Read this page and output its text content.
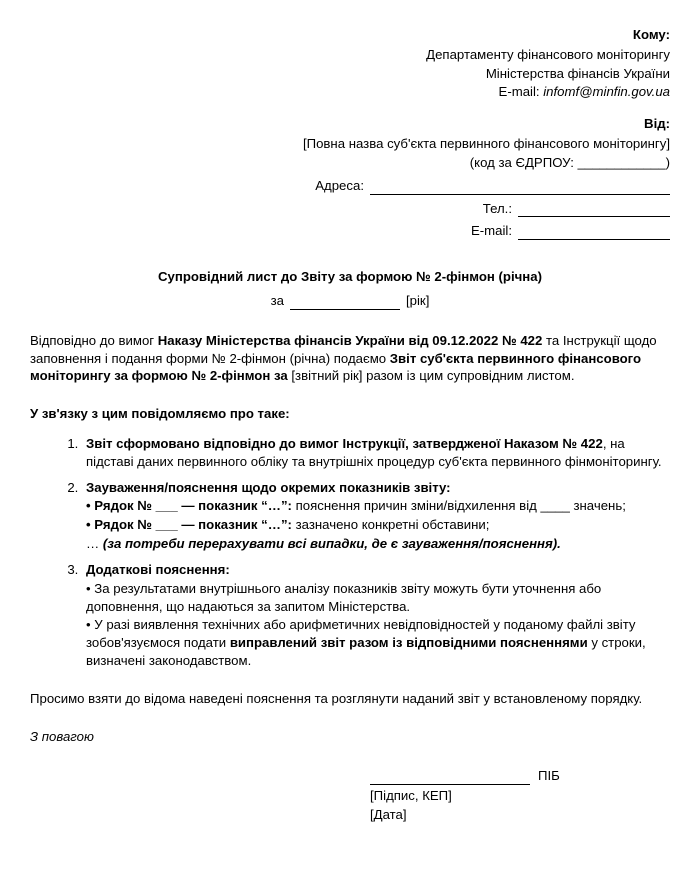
Кому:
Департаменту фінансового моніторингу
Міністерства фінансів України
E-mail: infomf@minfin.gov.ua
Від:
[Повна назва суб'єкта первинного фінансового моніторингу]
(код за ЄДРПОУ: ____________)
Адреса:
Тел.:
E-mail:
Супровідний лист до Звіту за формою № 2-фінмон (річна)
за	[рік]
Відповідно до вимог Наказу Міністерства фінансів України від 09.12.2022 № 422 та Інструкції щодо заповнення і подання форми № 2-фінмон (річна) подаємо Звіт суб'єкта первинного фінансового моніторингу за формою № 2-фінмон за [звітний рік] разом із цим супровідним листом.
У зв'язку з цим повідомляємо про таке:
1. Звіт сформовано відповідно до вимог Інструкції, затвердженої Наказом № 422, на підставі даних первинного обліку та внутрішніх процедур суб'єкта первинного фінмоніторингу.
2. Зауваження/пояснення щодо окремих показників звіту:
• Рядок № ___ — показник “…”: пояснення причин зміни/відхилення від ____ значень;
• Рядок № ___ — показник “…”: зазначено конкретні обставини;
… (за потреби перерахувати всі випадки, де є зауваження/пояснення).
3. Додаткові пояснення:
• За результатами внутрішнього аналізу показників звіту можуть бути уточнення або доповнення, що надаються за запитом Міністерства.
• У разі виявлення технічних або арифметичних невідповідностей у поданому файлі звіту зобов'язуємося подати виправлений звіт разом із відповідними поясненнями у строки, визначені законодавством.
Просимо взяти до відома наведені пояснення та розглянути наданий звіт у встановленому порядку.
З повагою
ПІБ
[Підпис, КЕП]
[Дата]
